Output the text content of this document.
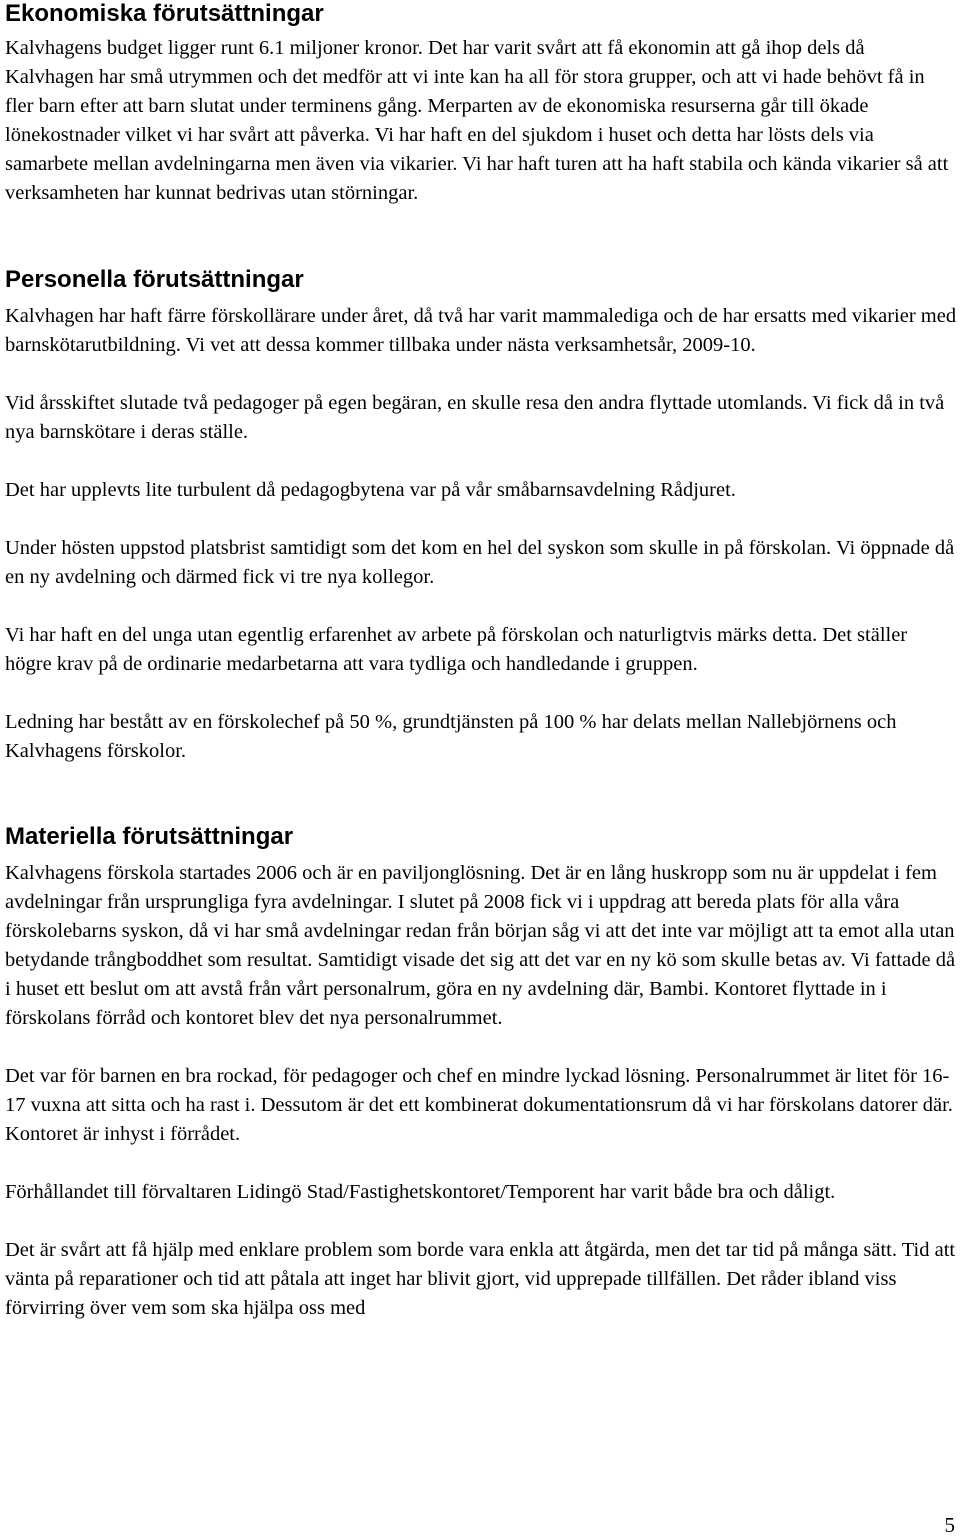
Ekonomiska förutsättningar

Kalvhagens budget ligger runt 6.1 miljoner kronor. Det har varit svårt att få ekonomin att gå ihop dels då Kalvhagen har små utrymmen och det medför att vi inte kan ha all för stora grupper, och att vi hade behövt få in fler barn efter att barn slutat under terminens gång. Merparten av de ekonomiska resurserna går till ökade lönekostnader vilket vi har svårt att påverka. Vi har haft en del sjukdom i huset och detta har lösts dels via samarbete mellan avdelningarna men även via vikarier. Vi har haft turen att ha haft stabila och kända vikarier så att verksamheten har kunnat bedrivas utan störningar.

Personella förutsättningar

Kalvhagen har haft färre förskollärare under året, då två har varit mammalediga och de har ersatts med vikarier med barnskötarutbildning. Vi vet att dessa kommer tillbaka under nästa verksamhetsår, 2009-10.

Vid årsskiftet slutade två pedagoger på egen begäran, en skulle resa den andra flyttade utomlands. Vi fick då in två nya barnskötare i deras ställe.

Det har upplevts lite turbulent då pedagogbytena var på vår småbarnsavdelning Rådjuret.

Under hösten uppstod platsbrist samtidigt som det kom en hel del syskon som skulle in på förskolan. Vi öppnade då en ny avdelning och därmed fick vi tre nya kollegor.

Vi har haft en del unga utan egentlig erfarenhet av arbete på förskolan och naturligtvis märks detta. Det ställer högre krav på de ordinarie medarbetarna att vara tydliga och handledande i gruppen.

Ledning har bestått av en förskolechef på 50 %, grundtjänsten på 100 % har delats mellan Nallebjörnens och Kalvhagens förskolor.

Materiella förutsättningar

Kalvhagens förskola startades 2006 och är en paviljonglösning. Det är en lång huskropp som nu är uppdelat i fem avdelningar från ursprungliga fyra avdelningar. I slutet på 2008 fick vi i uppdrag att bereda plats för alla våra förskolebarns syskon, då vi har små avdelningar redan från början såg vi att det inte var möjligt att ta emot alla utan betydande trångboddhet som resultat. Samtidigt visade det sig att det var en ny kö som skulle betas av. Vi fattade då i huset ett beslut om att avstå från vårt personalrum, göra en ny avdelning där, Bambi. Kontoret flyttade in i förskolans förråd och kontoret blev det nya personalrummet.

Det var för barnen en bra rockad, för pedagoger och chef en mindre lyckad lösning. Personalrummet är litet för 16-17 vuxna att sitta och ha rast i. Dessutom är det ett kombinerat dokumentationsrum då vi har förskolans datorer där. Kontoret är inhyst i förrådet.

Förhållandet till förvaltaren Lidingö Stad/Fastighetskontoret/Temporent har varit både bra och dåligt.

Det är svårt att få hjälp med enklare problem som borde vara enkla att åtgärda, men det tar tid på många sätt. Tid att vänta på reparationer och tid att påtala att inget har blivit gjort, vid upprepade tillfällen. Det råder ibland viss förvirring över vem som ska hjälpa oss med

5
